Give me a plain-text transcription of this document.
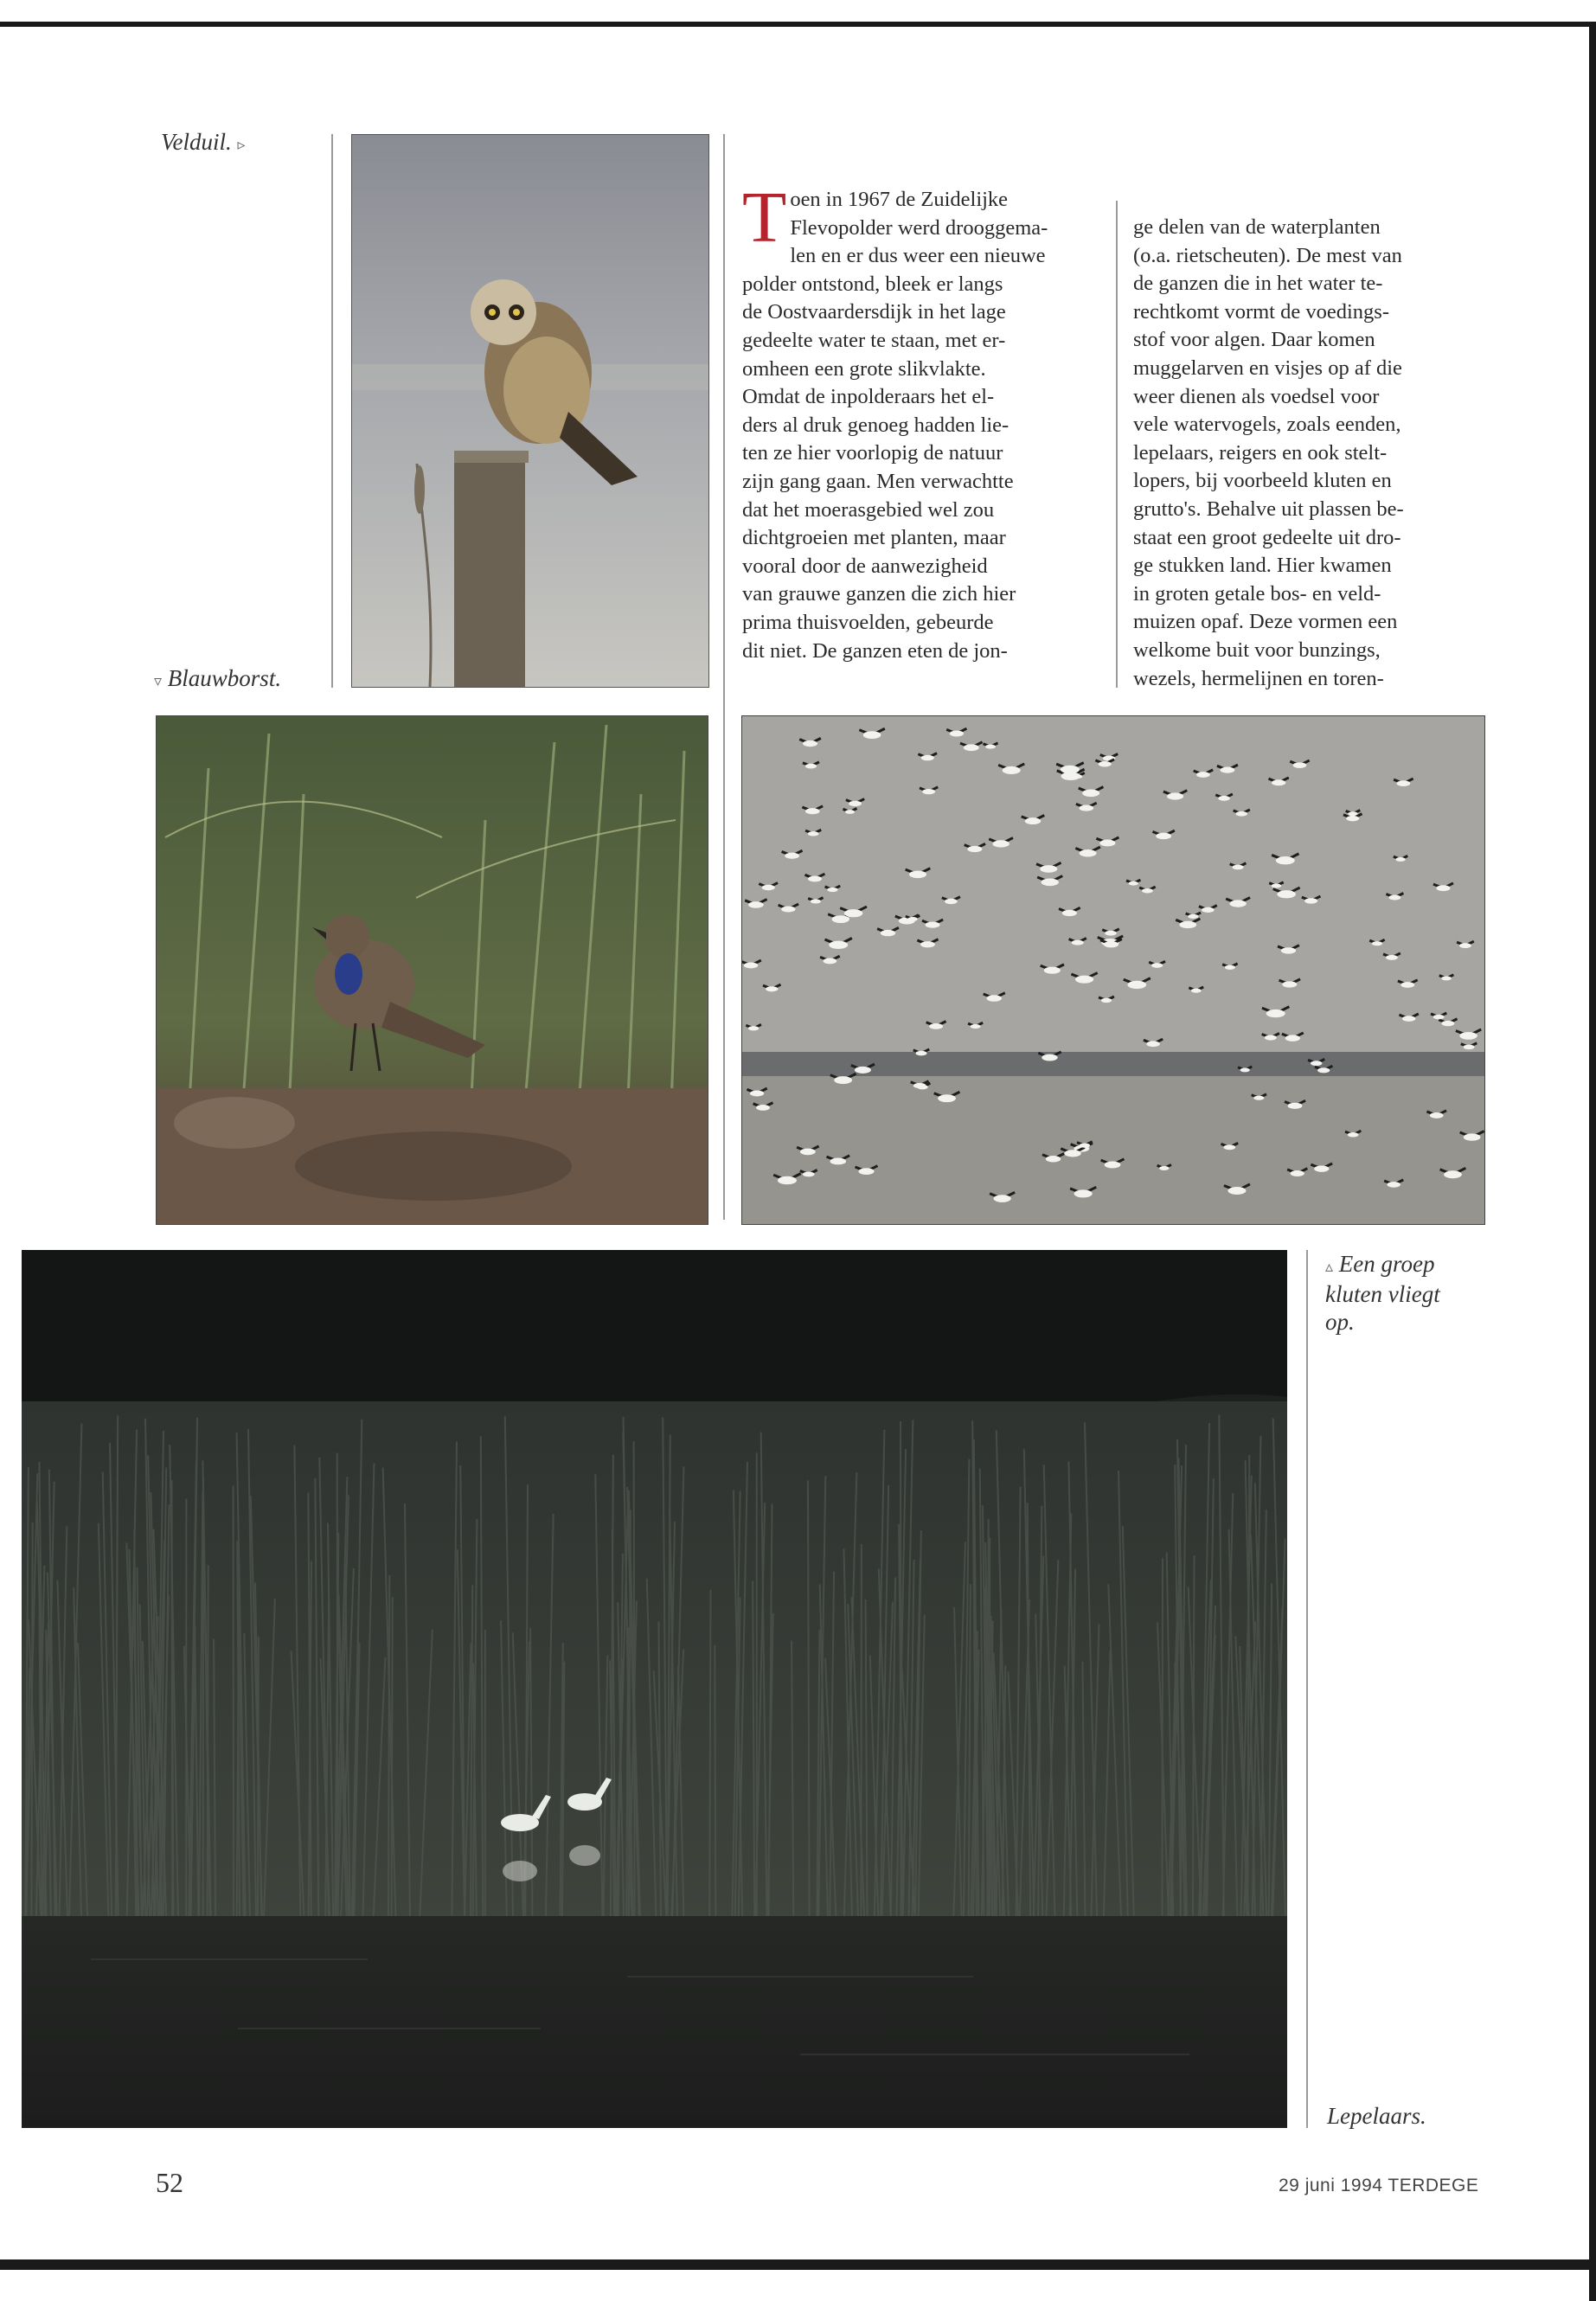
Velduil. ▹
▿ Blauwborst.
▵ Een groep
kluten vliegt
op.
Lepelaars.
T oen in 1967 de Zuidelijke
Flevopolder werd drooggema-
len en er dus weer een nieuwe
polder ontstond, bleek er langs
de Oostvaardersdijk in het lage
gedeelte water te staan, met er-
omheen een grote slikvlakte.
Omdat de inpolderaars het el-
ders al druk genoeg hadden lie-
ten ze hier voorlopig de natuur
zijn gang gaan. Men verwachtte
dat het moerasgebied wel zou
dichtgroeien met planten, maar
vooral door de aanwezigheid
van grauwe ganzen die zich hier
prima thuisvoelden, gebeurde
dit niet. De ganzen eten de jon-
ge delen van de waterplanten
(o.a. rietscheuten). De mest van
de ganzen die in het water te-
rechtkomt vormt de voedings-
stof voor algen. Daar komen
muggelarven en visjes op af die
weer dienen als voedsel voor
vele watervogels, zoals eenden,
lepelaars, reigers en ook stelt-
lopers, bij voorbeeld kluten en
grutto's. Behalve uit plassen be-
staat een groot gedeelte uit dro-
ge stukken land. Hier kwamen
in groten getale bos- en veld-
muizen opaf. Deze vormen een
welkome buit voor bunzings,
wezels, hermelijnen en toren-
52	29 juni 1994 TERDEGE
